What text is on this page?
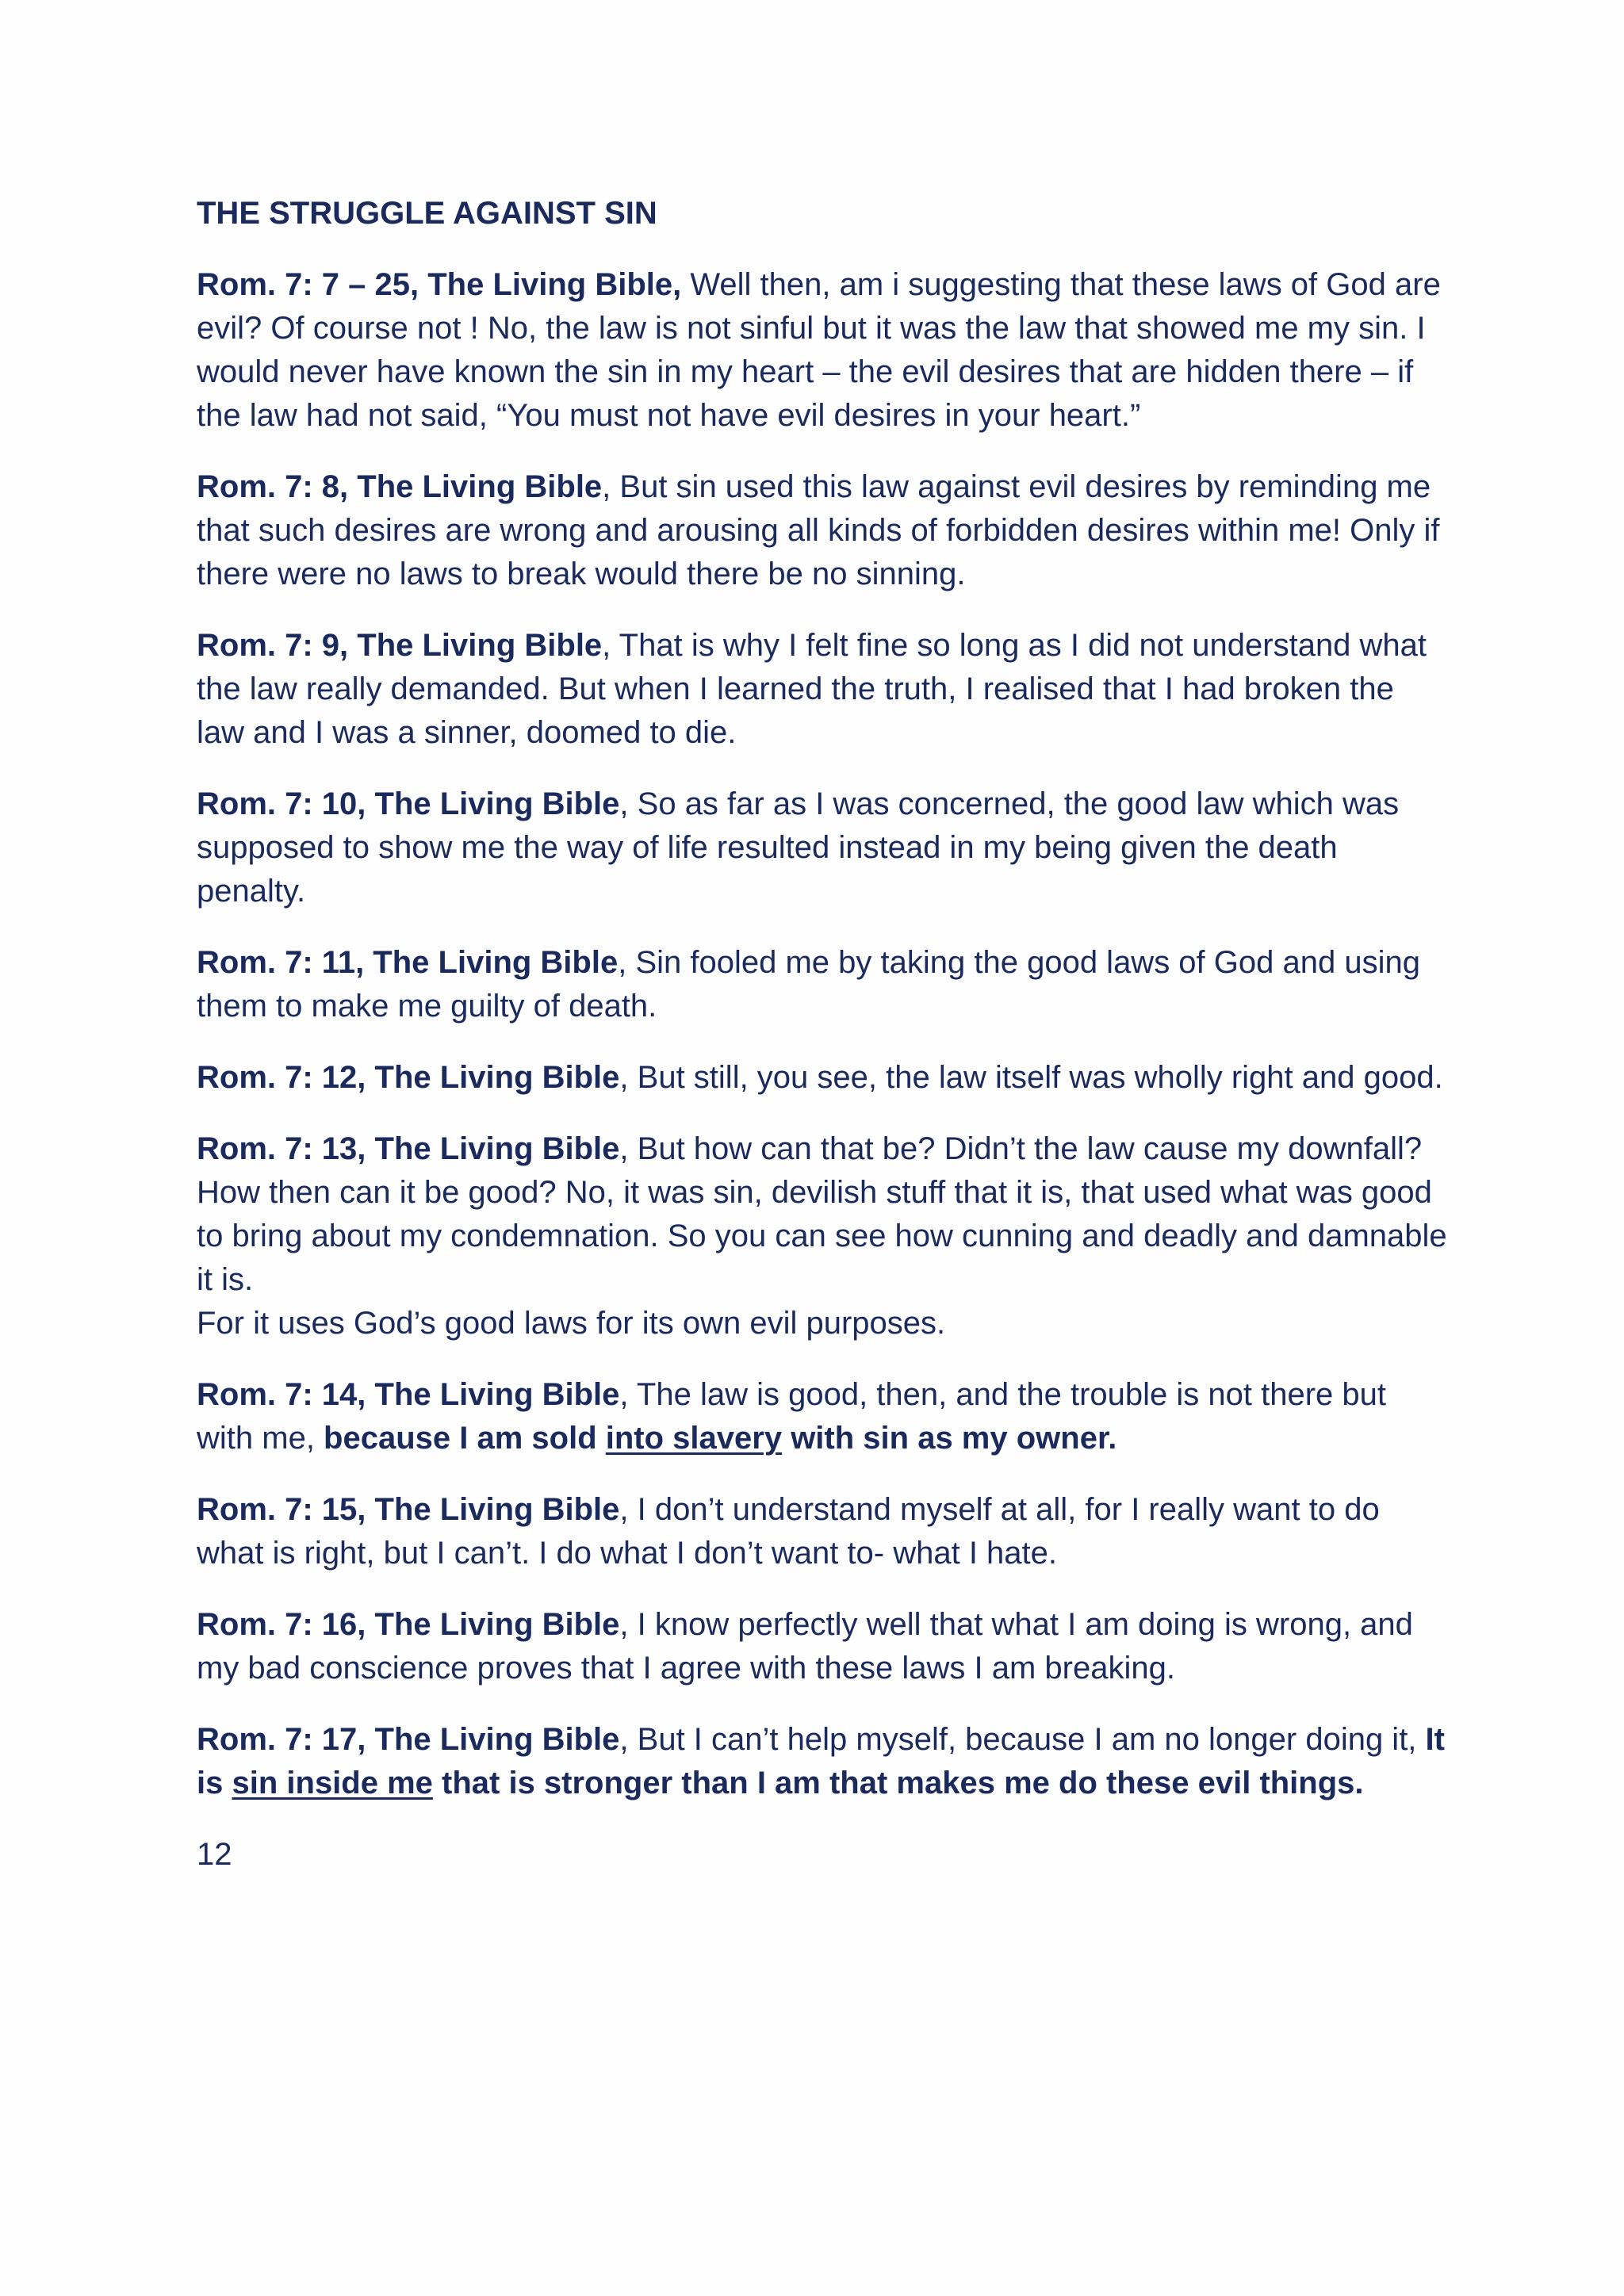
THE STRUGGLE AGAINST SIN

Rom. 7: 7 – 25, The Living Bible, Well then, am i suggesting that these laws of God are evil? Of course not ! No, the law is not sinful but it was the law that showed me my sin. I would never have known the sin in my heart – the evil desires that are hidden there – if the law had not said, “You must not have evil desires in your heart.”

Rom. 7: 8, The Living Bible, But sin used this law against evil desires by reminding me that such desires are wrong and arousing all kinds of forbidden desires within me! Only if there were no laws to break would there be no sinning.

Rom. 7: 9, The Living Bible, That is why I felt fine so long as I did not understand what the law really demanded. But when I learned the truth, I realised that I had broken the law and I was a sinner, doomed to die.

Rom. 7: 10, The Living Bible, So as far as I was concerned, the good law which was supposed to show me the way of life resulted instead in my being given the death penalty.

Rom. 7: 11, The Living Bible, Sin fooled me by taking the good laws of God and using them to make me guilty of death.

Rom. 7: 12, The Living Bible, But still, you see, the law itself was wholly right and good.

Rom. 7: 13, The Living Bible, But how can that be? Didn’t the law cause my downfall? How then can it be good? No, it was sin, devilish stuff that it is, that used what was good to bring about my condemnation. So you can see how cunning and deadly and damnable it is.
For it uses God’s good laws for its own evil purposes.

Rom. 7: 14, The Living Bible, The law is good, then, and the trouble is not there but with me, because I am sold into slavery with sin as my owner.

Rom. 7: 15, The Living Bible, I don’t understand myself at all, for I really want to do what is right, but I can’t. I do what I don’t want to- what I hate.

Rom. 7: 16, The Living Bible, I know perfectly well that what I am doing is wrong, and my bad conscience proves that I agree with these laws I am breaking.

Rom. 7: 17, The Living Bible, But I can’t help myself, because I am no longer doing it, It is sin inside me that is stronger than I am that makes me do these evil things.

12
